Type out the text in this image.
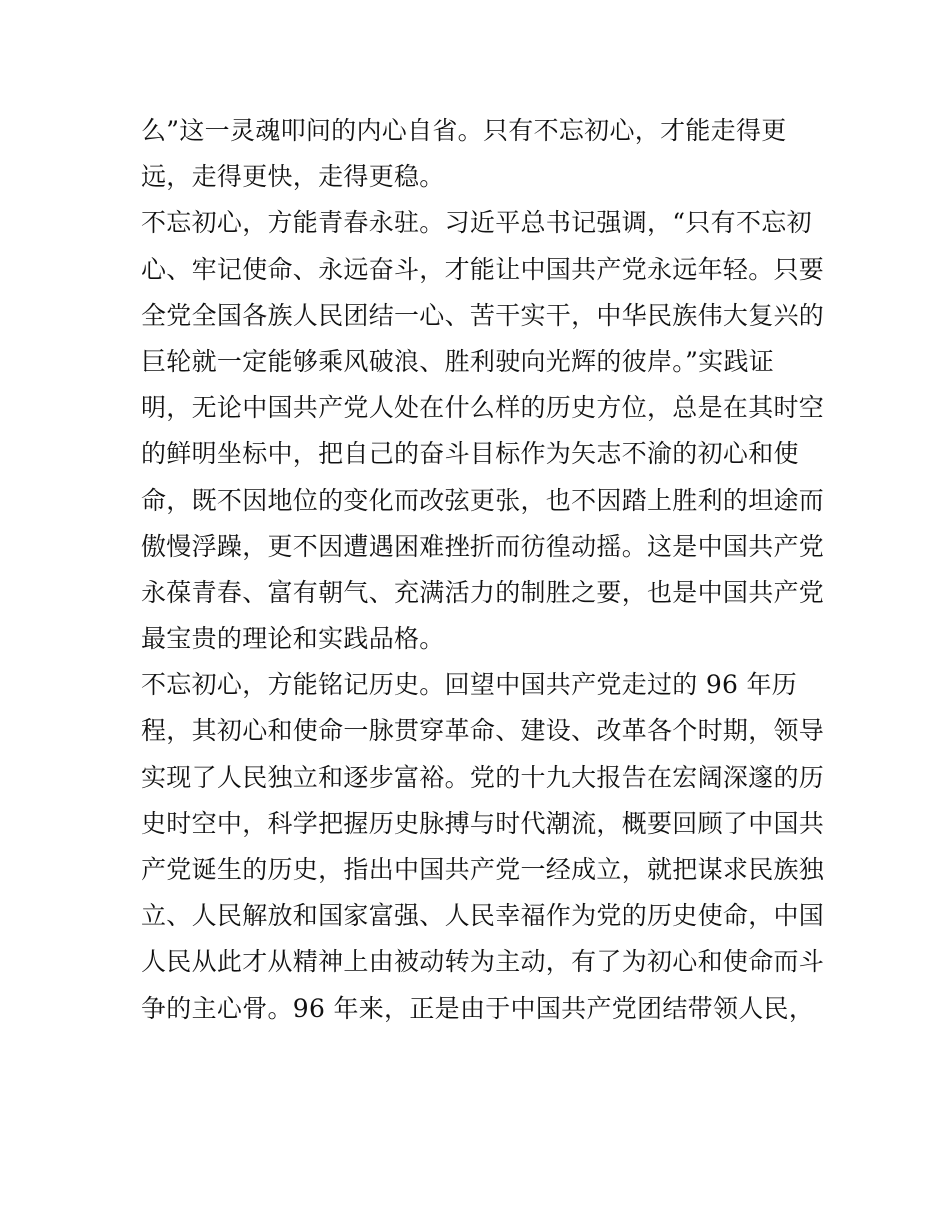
么”这一灵魂叩问的内心自省。只有不忘初心，才能走得更
远，走得更快，走得更稳。
不忘初心，方能青春永驻。习近平总书记强调，“只有不忘初
心、牢记使命、永远奋斗，才能让中国共产党永远年轻。只要
全党全国各族人民团结一心、苦干实干，中华民族伟大复兴的
巨轮就一定能够乘风破浪、胜利驶向光辉的彼岸。”实践证
明，无论中国共产党人处在什么样的历史方位，总是在其时空
的鲜明坐标中，把自己的奋斗目标作为矢志不渝的初心和使
命，既不因地位的变化而改弦更张，也不因踏上胜利的坦途而
傲慢浮躁，更不因遭遇困难挫折而彷徨动摇。这是中国共产党
永葆青春、富有朝气、充满活力的制胜之要，也是中国共产党
最宝贵的理论和实践品格。
不忘初心，方能铭记历史。回望中国共产党走过的 96 年历
程，其初心和使命一脉贯穿革命、建设、改革各个时期，领导
实现了人民独立和逐步富裕。党的十九大报告在宏阔深邃的历
史时空中，科学把握历史脉搏与时代潮流，概要回顾了中国共
产党诞生的历史，指出中国共产党一经成立，就把谋求民族独
立、人民解放和国家富强、人民幸福作为党的历史使命，中国
人民从此才从精神上由被动转为主动，有了为初心和使命而斗
争的主心骨。96 年来，正是由于中国共产党团结带领人民，
